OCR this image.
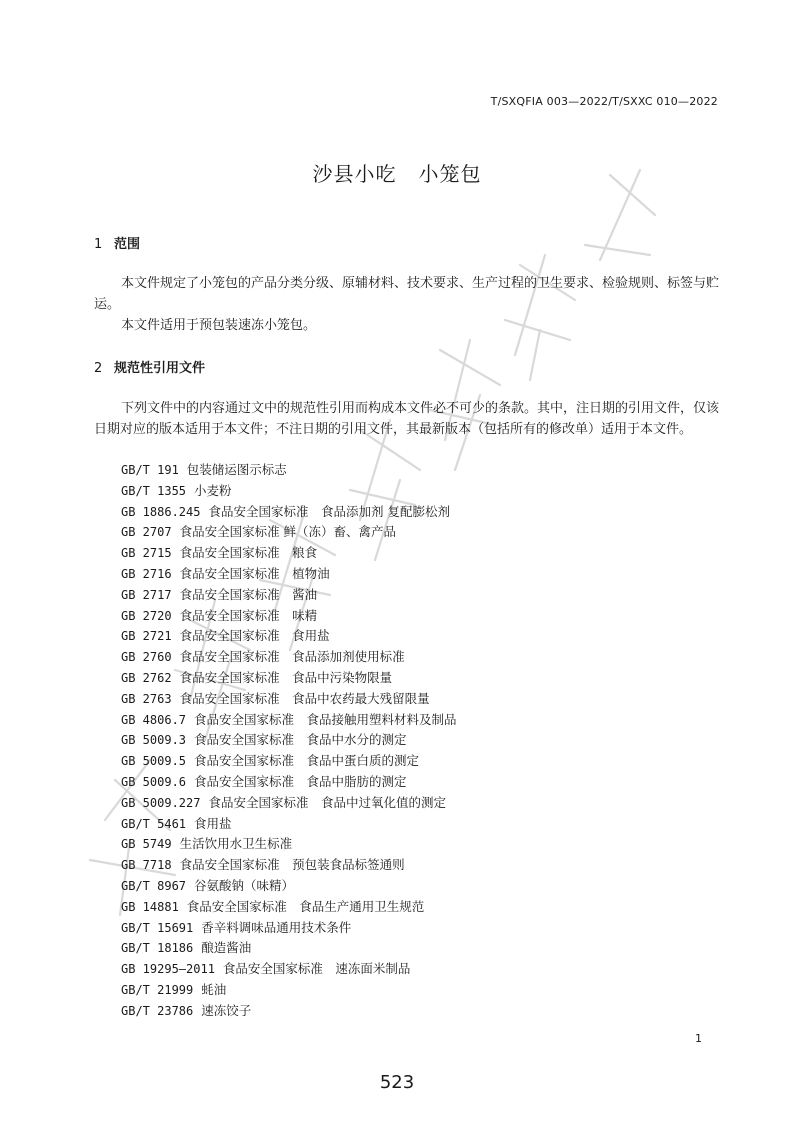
T/SXQFIA 003—2022/T/SXXC 010—2022
沙县小吃 小笼包
1 范围
本文件规定了小笼包的产品分类分级、原辅材料、技术要求、生产过程的卫生要求、检验规则、标签与贮运。
本文件适用于预包装速冻小笼包。
2 规范性引用文件
下列文件中的内容通过文中的规范性引用而构成本文件必不可少的条款。其中，注日期的引用文件，仅该日期对应的版本适用于本文件；不注日期的引用文件，其最新版本（包括所有的修改单）适用于本文件。
GB/T 191 包装储运图示标志
GB/T 1355 小麦粉
GB 1886.245 食品安全国家标准　食品添加剂 复配膨松剂
GB 2707 食品安全国家标准 鲜（冻）畜、禽产品
GB 2715 食品安全国家标准　粮食
GB 2716 食品安全国家标准　植物油
GB 2717 食品安全国家标准　酱油
GB 2720 食品安全国家标准　味精
GB 2721 食品安全国家标准　食用盐
GB 2760 食品安全国家标准　食品添加剂使用标准
GB 2762 食品安全国家标准　食品中污染物限量
GB 2763 食品安全国家标准　食品中农药最大残留限量
GB 4806.7 食品安全国家标准　食品接触用塑料材料及制品
GB 5009.3 食品安全国家标准　食品中水分的测定
GB 5009.5 食品安全国家标准　食品中蛋白质的测定
GB 5009.6 食品安全国家标准　食品中脂肪的测定
GB 5009.227 食品安全国家标准　食品中过氧化值的测定
GB/T 5461 食用盐
GB 5749 生活饮用水卫生标准
GB 7718 食品安全国家标准　预包装食品标签通则
GB/T 8967 谷氨酸钠（味精）
GB 14881 食品安全国家标准　食品生产通用卫生规范
GB/T 15691 香辛料调味品通用技术条件
GB/T 18186 酿造酱油
GB 19295—2011 食品安全国家标准　速冻面米制品
GB/T 21999 蚝油
GB/T 23786 速冻饺子
1
523
